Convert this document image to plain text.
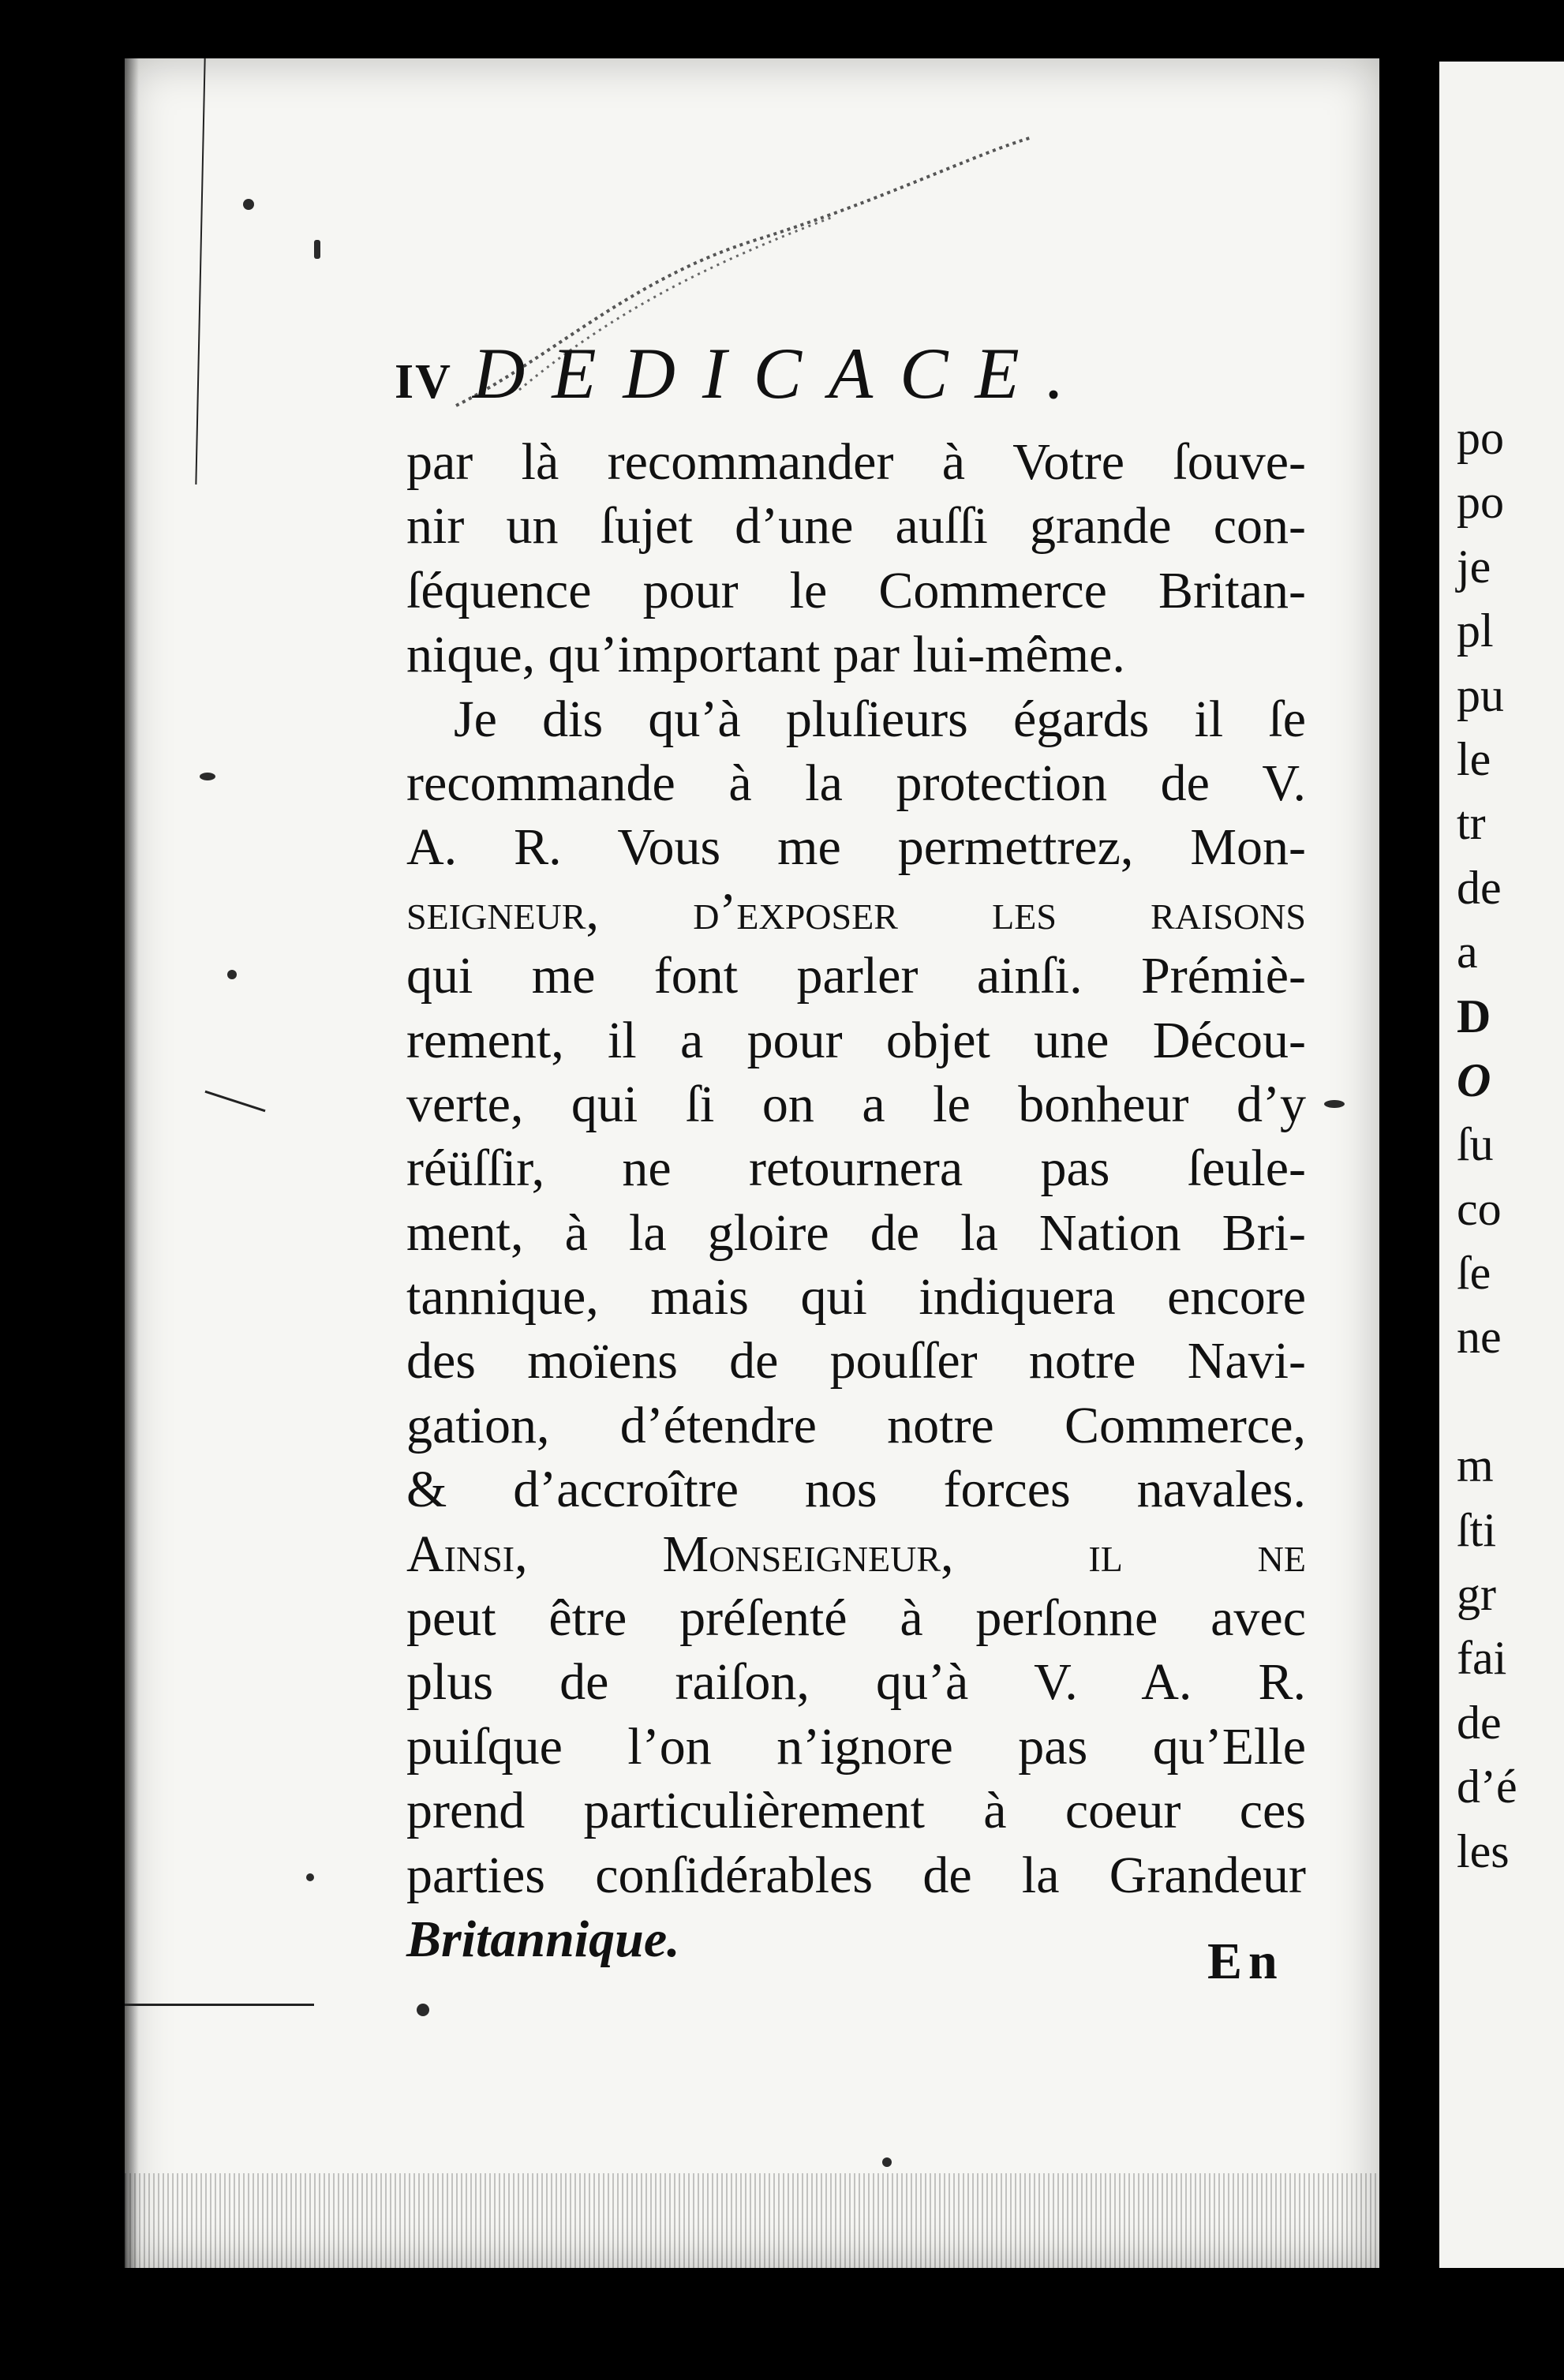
IV DEDICACE.
par là recommander à Votre ſouve-
nir un ſujet d’une auſſi grande con-
ſéquence pour le Commerce Britan-
nique, qu’important par lui-même.
Je dis qu’à pluſieurs égards il ſe
recommande à la protection de V.
A. R. Vous me permettrez, Mon-
seigneur, d’expoſer les raiſons
qui me font parler ainſi. Prémiè-
rement, il a pour objet une Décou-
verte, qui ſi on a le bonheur d’y
réüſſir, ne retournera pas ſeule-
ment, à la gloire de la Nation Bri-
tannique, mais qui indiquera encore
des moïens de pouſſer notre Navi-
gation, d’étendre notre Commerce,
& d’accroître nos forces navales.
Ainſi, Monseigneur, il ne
peut être préſenté à perſonne avec
plus de raiſon, qu’à V. A. R.
puiſque l’on n’ignore pas qu’Elle
prend particulièrement à coeur ces
parties conſidérables de la Grandeur
Britannique.	En
po
po
je
pl
pu
le
tr
de
a
D
O
ſu
co
ſe
ne
m
ſti
gr
fai
de
d’é
les
